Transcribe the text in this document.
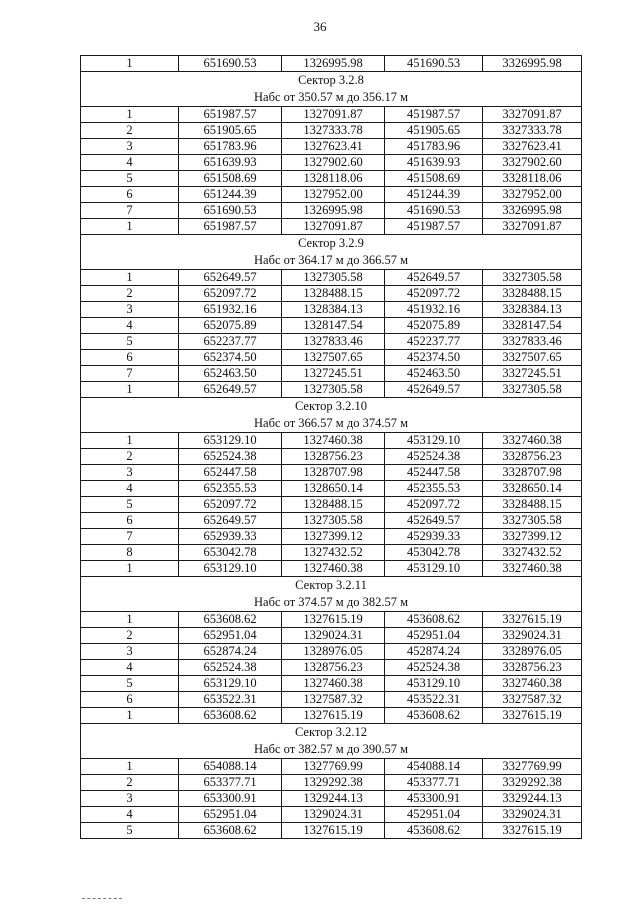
36
1	651690.53	1326995.98	451690.53	3326995.98
Сектор 3.2.8				
Набс от 350.57 м до 356.17 м				
1	651987.57	1327091.87	451987.57	3327091.87
2	651905.65	1327333.78	451905.65	3327333.78
3	651783.96	1327623.41	451783.96	3327623.41
4	651639.93	1327902.60	451639.93	3327902.60
5	651508.69	1328118.06	451508.69	3328118.06
6	651244.39	1327952.00	451244.39	3327952.00
7	651690.53	1326995.98	451690.53	3326995.98
1	651987.57	1327091.87	451987.57	3327091.87
Сектор 3.2.9				
Набс от 364.17 м до 366.57 м				
1	652649.57	1327305.58	452649.57	3327305.58
2	652097.72	1328488.15	452097.72	3328488.15
3	651932.16	1328384.13	451932.16	3328384.13
4	652075.89	1328147.54	452075.89	3328147.54
5	652237.77	1327833.46	452237.77	3327833.46
6	652374.50	1327507.65	452374.50	3327507.65
7	652463.50	1327245.51	452463.50	3327245.51
1	652649.57	1327305.58	452649.57	3327305.58
Сектор 3.2.10				
Набс от 366.57 м до 374.57 м				
1	653129.10	1327460.38	453129.10	3327460.38
2	652524.38	1328756.23	452524.38	3328756.23
3	652447.58	1328707.98	452447.58	3328707.98
4	652355.53	1328650.14	452355.53	3328650.14
5	652097.72	1328488.15	452097.72	3328488.15
6	652649.57	1327305.58	452649.57	3327305.58
7	652939.33	1327399.12	452939.33	3327399.12
8	653042.78	1327432.52	453042.78	3327432.52
1	653129.10	1327460.38	453129.10	3327460.38
Сектор 3.2.11				
Набс от 374.57 м до 382.57 м				
1	653608.62	1327615.19	453608.62	3327615.19
2	652951.04	1329024.31	452951.04	3329024.31
3	652874.24	1328976.05	452874.24	3328976.05
4	652524.38	1328756.23	452524.38	3328756.23
5	653129.10	1327460.38	453129.10	3327460.38
6	653522.31	1327587.32	453522.31	3327587.32
1	653608.62	1327615.19	453608.62	3327615.19
Сектор 3.2.12				
Набс от 382.57 м до 390.57 м				
1	654088.14	1327769.99	454088.14	3327769.99
2	653377.71	1329292.38	453377.71	3329292.38
3	653300.91	1329244.13	453300.91	3329244.13
4	652951.04	1329024.31	452951.04	3329024.31
5	653608.62	1327615.19	453608.62	3327615.19
